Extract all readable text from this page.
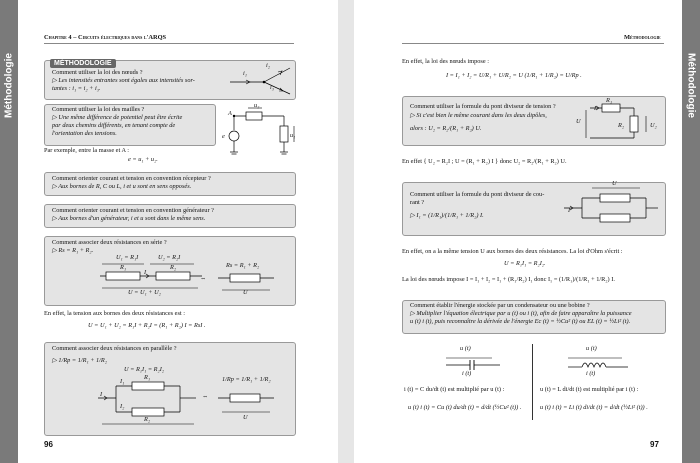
Méthodologie
Chapitre 4 – Circuits électriques dans l'ARQS
MÉTHODOLOGIE
Comment utiliser la loi des nœuds ?
▷ Les intensités entrantes sont égales aux intensités sor-
tantes : i₁ = i₂ + i₃.
i₁
i₂
i₃
Comment utiliser la loi des mailles ?
▷ Une même différence de potentiel peut être écrite
par deux chemins différents, en tenant compte de
l'orientation des tensions.
u₂
A
e	u₁
Par exemple, entre la masse et A :
e = u₁ + u₂.
Comment orienter courant et tension en convention récepteur ?
▷ Aux bornes de R, C ou L, i et u sont en sens opposés.
Comment orienter courant et tension en convention générateur ?
▷ Aux bornes d'un générateur, i et u sont dans le même sens.
Comment associer deux résistances en série ?
▷ Rs = R₁ + R₂.
U₁ = R₁I	U₂ = R₂I
R₁	R₂
I
U = U₁ + U₂
⇔
Rs = R₁ + R₂
U
En effet, la tension aux bornes des deux résistances est :
U = U₁ + U₂ = R₁I + R₂I = (R₁ + R₂) I = RsI .
Comment associer deux résistances en parallèle ?
▷ 1/Rp = 1/R₁ + 1/R₂
U = R₁I₁ = R₂I₂
R₁
R₂
I
I₁
I₂
⇔
1/Rp = 1/R₁ + 1/R₂
U
96
Méthodologie
Méthodologie
En effet, la loi des nœuds impose :
I = I₁ + I₂ = U/R₁ + U/R₂ = U (1/R₁ + 1/R₂) = U/Rp .
Comment utiliser la formule du pont diviseur de tension ?
▷ Si c'est bien le même courant dans les deux dipôles,
alors : U₂ = R₂/(R₁ + R₂) U.
R₁
I
U
R₂	U₂
En effet { U₂ = R₂I ; U = (R₁ + R₂) I } donc U₂ = R₂/(R₁ + R₂) U.
Comment utiliser la formule du pont diviseur de cou-
rant ?
▷ I₁ = (1/R₁)/(1/R₁ + 1/R₂) I.
U
I
En effet, on a la même tension U aux bornes des deux résistances. La loi d'Ohm s'écrit :
U = R₁I₁ = R₂I₂.
La loi des nœuds impose I = I₁ + I₂ = I₁ + (R₁/R₂) I₁ donc I₁ = (1/R₁)/(1/R₁ + 1/R₂) I.
Comment établir l'énergie stockée par un condensateur ou une bobine ?
▷ Multiplier l'équation électrique par u (t) ou i (t), afin de faire apparaître la puissance
u (t) i (t), puis reconnaître la dérivée de l'énergie Ec (t) = ½Cu² (t) ou EL (t) = ½Li² (t).
u (t)
i (t)
i (t) = C du/dt (t) est multiplié par u (t) :
u (t) i (t) = Cu (t) du/dt (t) = d/dt (½Cu² (t)) .
u (t)
i (t)
u (t) = L di/dt (t) est multiplié par i (t) :
u (t) i (t) = Li (t) di/dt (t) = d/dt (½Li² (t)) .
97
